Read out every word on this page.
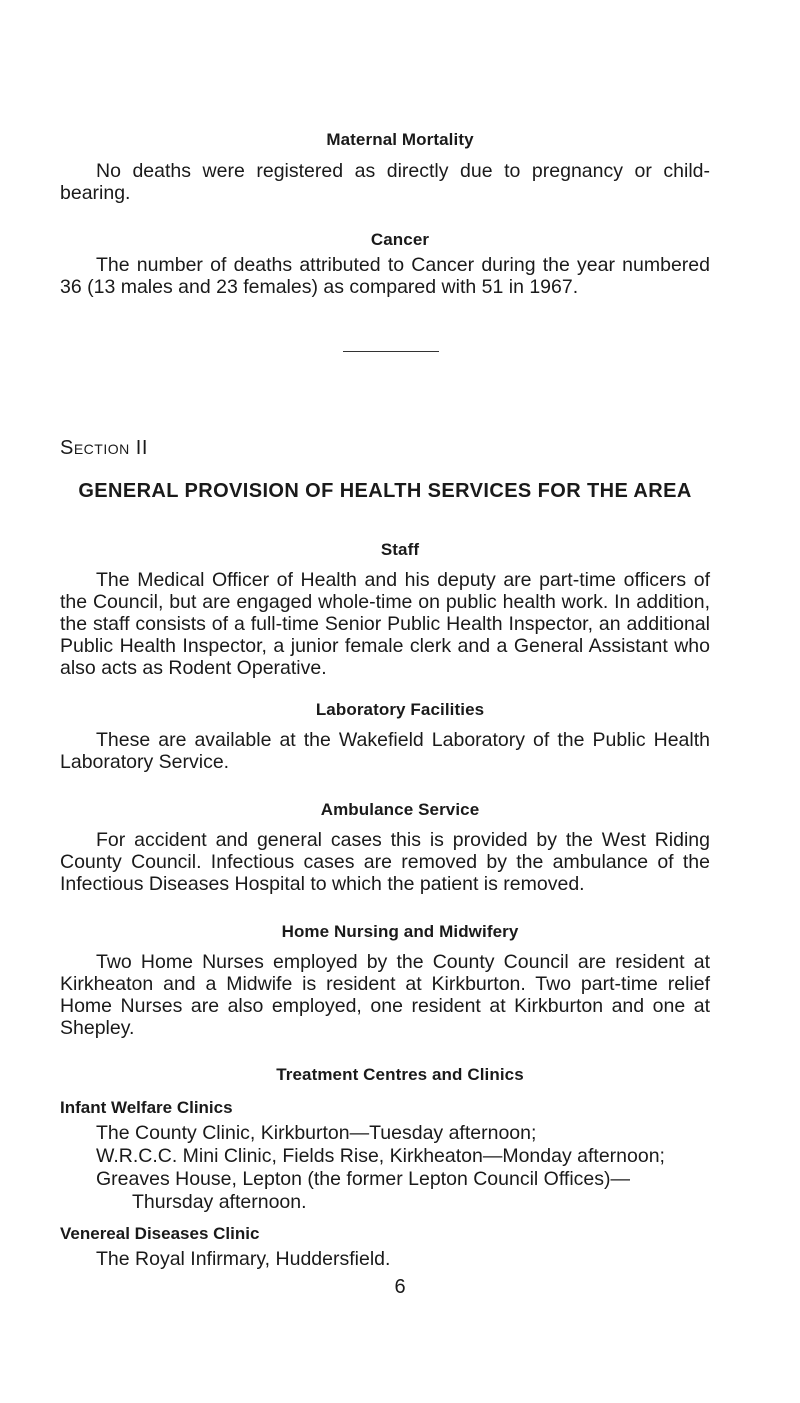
Maternal Mortality
No deaths were registered as directly due to pregnancy or child-bearing.
Cancer
The number of deaths attributed to Cancer during the year numbered 36 (13 males and 23 females) as compared with 51 in 1967.
Section II
GENERAL PROVISION OF HEALTH SERVICES FOR THE AREA
Staff
The Medical Officer of Health and his deputy are part-time officers of the Council, but are engaged whole-time on public health work. In addition, the staff consists of a full-time Senior Public Health Inspector, an additional Public Health Inspector, a junior female clerk and a General Assistant who also acts as Rodent Operative.
Laboratory Facilities
These are available at the Wakefield Laboratory of the Public Health Laboratory Service.
Ambulance Service
For accident and general cases this is provided by the West Riding County Council. Infectious cases are removed by the ambulance of the Infectious Diseases Hospital to which the patient is removed.
Home Nursing and Midwifery
Two Home Nurses employed by the County Council are resident at Kirkheaton and a Midwife is resident at Kirkburton. Two part-time relief Home Nurses are also employed, one resident at Kirkburton and one at Shepley.
Treatment Centres and Clinics
Infant Welfare Clinics
The County Clinic, Kirkburton—Tuesday afternoon;
W.R.C.C. Mini Clinic, Fields Rise, Kirkheaton—Monday afternoon;
Greaves House, Lepton (the former Lepton Council Offices)—
Thursday afternoon.
Venereal Diseases Clinic
The Royal Infirmary, Huddersfield.
6
